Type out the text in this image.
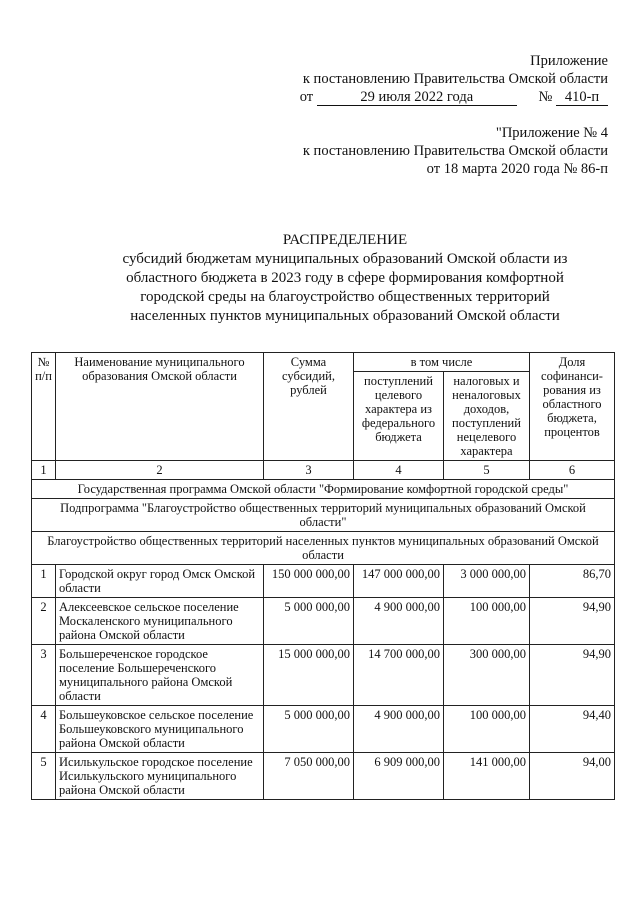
Приложение
к постановлению Правительства Омской области
от	29 июля 2022 года	№ 410-п
"Приложение № 4
к постановлению Правительства Омской области
от 18 марта 2020 года № 86-п
РАСПРЕДЕЛЕНИЕ
субсидий бюджетам муниципальных образований Омской области из
областного бюджета в 2023 году в сфере формирования комфортной
городской среды на благоустройство общественных территорий
населенных пунктов муниципальных образований Омской области
№ п/п	Наименование муниципального образования Омской области	Сумма субсидий, рублей	в том числе		Доля софинанси-рования из областного бюджета, процентов
			поступлений целевого характера из федерального бюджета	налоговых и неналоговых доходов, поступлений нецелевого характера	
1	2	3	4	5	6
Государственная программа Омской области "Формирование комфортной городской среды"					
Подпрограмма "Благоустройство общественных территорий муниципальных образований Омской области"					
Благоустройство общественных территорий населенных пунктов муниципальных образований Омской области					
1	Городской округ город Омск Омской области	150 000 000,00	147 000 000,00	3 000 000,00	86,70
2	Алексеевское сельское поселение Москаленского муниципального района Омской области	5 000 000,00	4 900 000,00	100 000,00	94,90
3	Большереченское городское поселение Большереченского муниципального района Омской области	15 000 000,00	14 700 000,00	300 000,00	94,90
4	Большеуковское сельское поселение Большеуковского муниципального района Омской области	5 000 000,00	4 900 000,00	100 000,00	94,40
5	Исилькульское городское поселение Исилькульского муниципального района Омской области	7 050 000,00	6 909 000,00	141 000,00	94,00
